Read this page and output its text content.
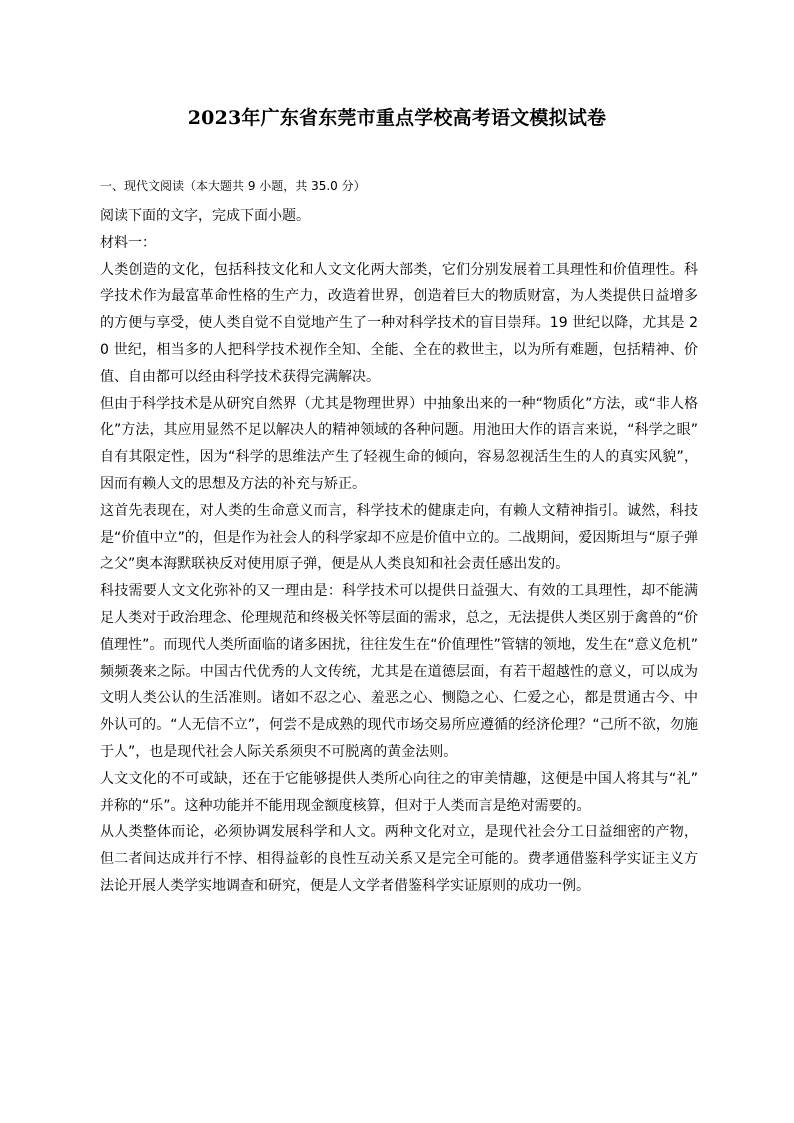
2023年广东省东莞市重点学校高考语文模拟试卷
一、现代文阅读（本大题共 9 小题，共 35.0 分）

阅读下面的文字，完成下面小题。

材料一：

人类创造的文化，包括科技文化和人文文化两大部类，它们分别发展着工具理性和价值理性。科学技术作为最富革命性格的生产力，改造着世界，创造着巨大的物质财富，为人类提供日益增多的方便与享受，使人类自觉不自觉地产生了一种对科学技术的盲目崇拜。19 世纪以降，尤其是 20 世纪，相当多的人把科学技术视作全知、全能、全在的救世主，以为所有难题，包括精神、价值、自由都可以经由科学技术获得完满解决。

但由于科学技术是从研究自然界（尤其是物理世界）中抽象出来的一种“物质化”方法，或“非人格化”方法，其应用显然不足以解决人的精神领域的各种问题。用池田大作的语言来说，“科学之眼”自有其限定性，因为“科学的思维法产生了轻视生命的倾向，容易忽视活生生的人的真实风貌”，因而有赖人文的思想及方法的补充与矫正。

这首先表现在，对人类的生命意义而言，科学技术的健康走向，有赖人文精神指引。诚然，科技是“价值中立”的，但是作为社会人的科学家却不应是价值中立的。二战期间，爱因斯坦与“原子弹之父”奥本海默联袂反对使用原子弹，便是从人类良知和社会责任感出发的。

科技需要人文文化弥补的又一理由是：科学技术可以提供日益强大、有效的工具理性，却不能满足人类对于政治理念、伦理规范和终极关怀等层面的需求，总之，无法提供人类区别于禽兽的“价值理性”。而现代人类所面临的诸多困扰，往往发生在“价值理性”管辖的领地，发生在“意义危机”频频袭来之际。中国古代优秀的人文传统，尤其是在道德层面，有若干超越性的意义，可以成为文明人类公认的生活准则。诸如不忍之心、羞恶之心、恻隐之心、仁爱之心，都是贯通古今、中外认可的。“人无信不立”，何尝不是成熟的现代市场交易所应遵循的经济伦理？“己所不欲，勿施于人”，也是现代社会人际关系须臾不可脱离的黄金法则。

人文文化的不可或缺，还在于它能够提供人类所心向往之的审美情趣，这便是中国人将其与“礼”并称的“乐”。这种功能并不能用现金额度核算，但对于人类而言是绝对需要的。

从人类整体而论，必须协调发展科学和人文。两种文化对立，是现代社会分工日益细密的产物，但二者间达成并行不悖、相得益彰的良性互动关系又是完全可能的。费孝通借鉴科学实证主义方法论开展人类学实地调查和研究，便是人文学者借鉴科学实证原则的成功一例。
